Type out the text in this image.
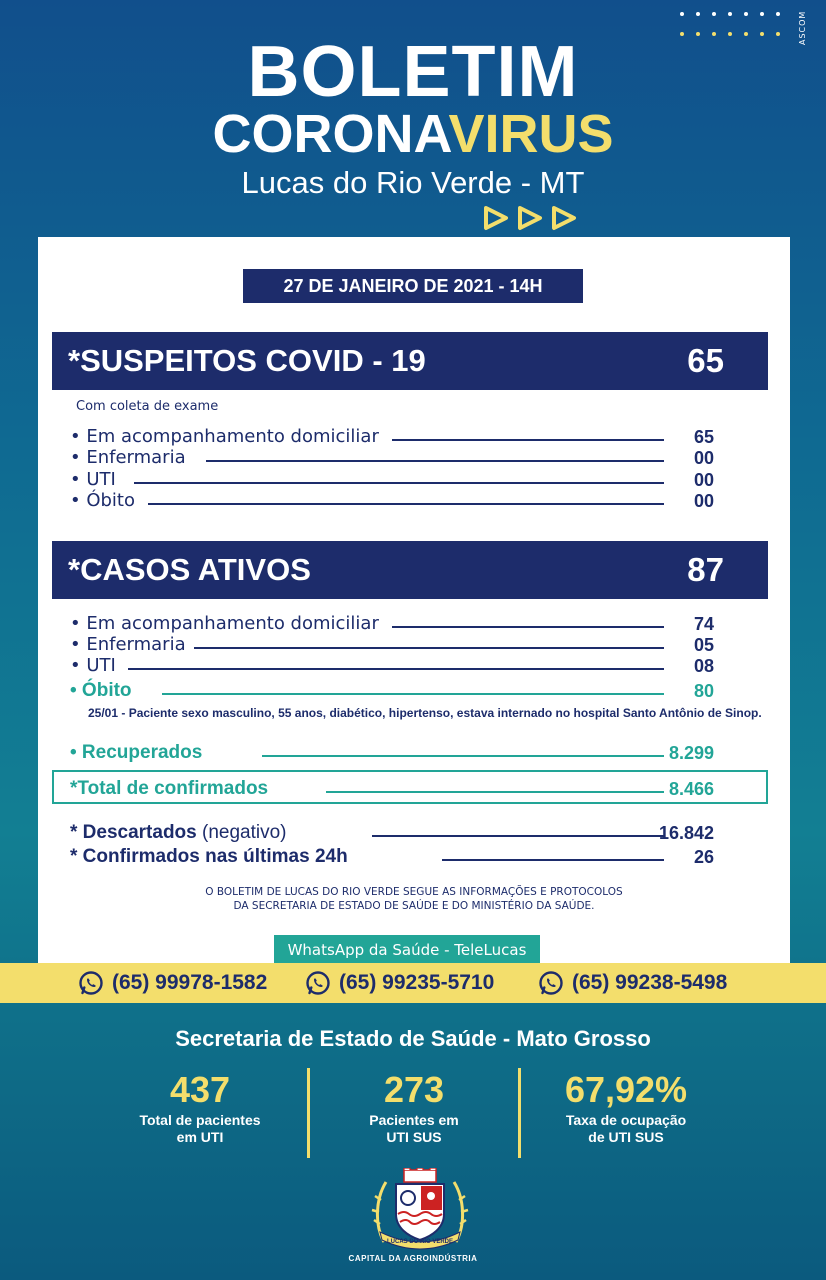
ASCOM
BOLETIM
CORONAVIRUS
Lucas do Rio Verde - MT
27 DE JANEIRO DE 2021 - 14H
*SUSPEITOS COVID - 19	65
Com coleta de exame
• Em acompanhamento domiciliar	65
• Enfermaria	00
• UTI	00
• Óbito	00
*CASOS ATIVOS	87
• Em acompanhamento domiciliar	74
• Enfermaria	05
• UTI	08
• Óbito	80
25/01 - Paciente sexo masculino, 55 anos, diabético, hipertenso, estava internado no hospital Santo Antônio de Sinop.
• Recuperados	8.299
*Total de confirmados	8.466
* Descartados (negativo)	16.842
* Confirmados nas últimas 24h	26
O BOLETIM DE LUCAS DO RIO VERDE SEGUE AS INFORMAÇÕES E PROTOCOLOS
DA SECRETARIA DE ESTADO DE SAÚDE E DO MINISTÉRIO DA SAÚDE.
WhatsApp da Saúde - TeleLucas
(65) 99978-1582	(65) 99235-5710	(65) 99238-5498
Secretaria de Estado de Saúde - Mato Grosso
437
Total de pacientes
em UTI
273
Pacientes em
UTI SUS
67,92%
Taxa de ocupação
de UTI SUS
LUCAS DO RIO VERDE
CAPITAL DA AGROINDÚSTRIA
